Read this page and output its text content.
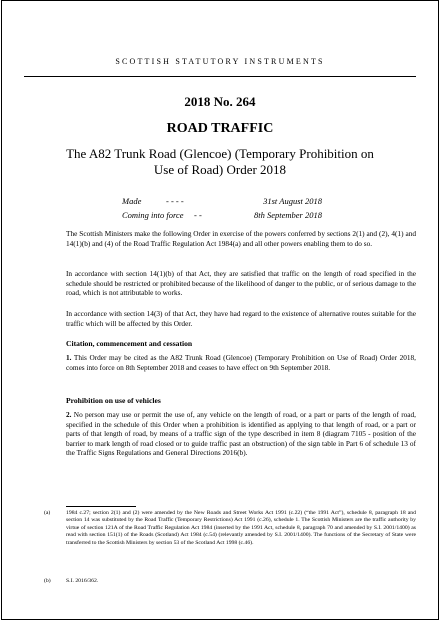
SCOTTISH STATUTORY INSTRUMENTS
2018 No. 264
ROAD TRAFFIC
The A82 Trunk Road (Glencoe) (Temporary Prohibition on Use of Road) Order 2018
Made	- - - -	31st August 2018
Coming into force - -	8th September 2018
The Scottish Ministers make the following Order in exercise of the powers conferred by sections 2(1) and (2), 4(1) and 14(1)(b) and (4) of the Road Traffic Regulation Act 1984(a) and all other powers enabling them to do so.
In accordance with section 14(1)(b) of that Act, they are satisfied that traffic on the length of road specified in the schedule should be restricted or prohibited because of the likelihood of danger to the public, or of serious damage to the road, which is not attributable to works.
In accordance with section 14(3) of that Act, they have had regard to the existence of alternative routes suitable for the traffic which will be affected by this Order.
Citation, commencement and cessation
1. This Order may be cited as the A82 Trunk Road (Glencoe) (Temporary Prohibition on Use of Road) Order 2018, comes into force on 8th September 2018 and ceases to have effect on 9th September 2018.
Prohibition on use of vehicles
2. No person may use or permit the use of, any vehicle on the length of road, or a part or parts of the length of road, specified in the schedule of this Order when a prohibition is identified as applying to that length of road, or a part or parts of that length of road, by means of a traffic sign of the type described in item 8 (diagram 7105 - position of the barrier to mark length of road closed or to guide traffic past an obstruction) of the sign table in Part 6 of schedule 13 of the Traffic Signs Regulations and General Directions 2016(b).
(a)	1984 c.27; section 2(1) and (2) were amended by the New Roads and Street Works Act 1991 (c.22) (“the 1991 Act”), schedule 8, paragraph 18 and section 14 was substituted by the Road Traffic (Temporary Restrictions) Act 1991 (c.26), schedule 1. The Scottish Ministers are the traffic authority by virtue of section 121A of the Road Traffic Regulation Act 1984 (inserted by the 1991 Act, schedule 8, paragraph 70 and amended by S.I. 2001/1400) as read with section 151(1) of the Roads (Scotland) Act 1984 (c.54) (relevantly amended by S.I. 2001/1400). The functions of the Secretary of State were transferred to the Scottish Ministers by section 53 of the Scotland Act 1998 (c.46).
(b)	S.I. 2016/362.
